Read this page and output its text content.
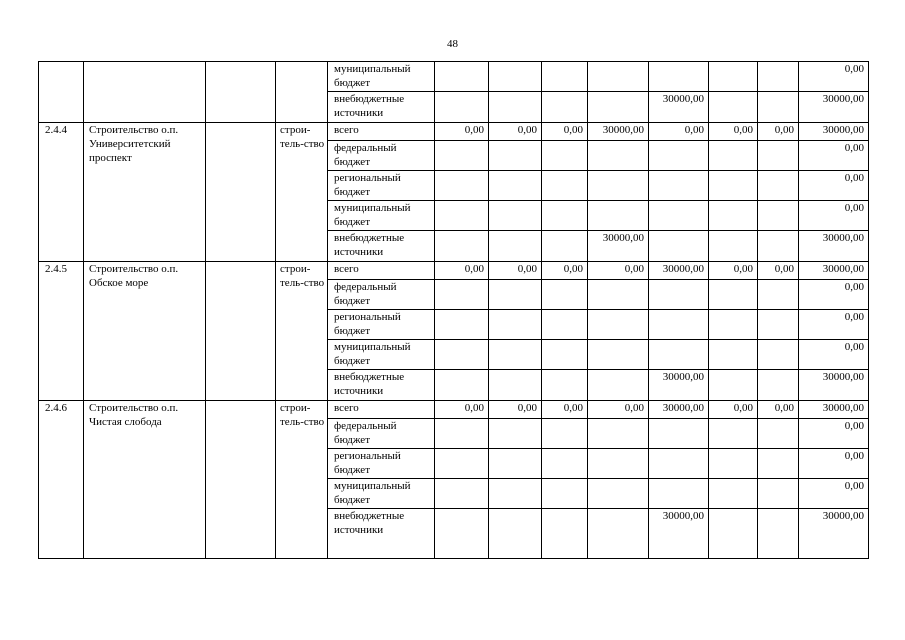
48
				муниципальный бюджет								0,00
				внебюджетные источники					30000,00			30000,00
2.4.4	Строительство о.п. Университетский проспект		строи-тель-ство	всего	0,00	0,00	0,00	30000,00	0,00	0,00	0,00	30000,00
				федеральный бюджет								0,00
				региональный бюджет								0,00
				муниципальный бюджет								0,00
				внебюджетные источники				30000,00				30000,00
2.4.5	Строительство о.п. Обское море		строи-тель-ство	всего	0,00	0,00	0,00	0,00	30000,00	0,00	0,00	30000,00
				федеральный бюджет								0,00
				региональный бюджет								0,00
				муниципальный бюджет								0,00
				внебюджетные источники					30000,00			30000,00
2.4.6	Строительство о.п. Чистая слобода		строи-тель-ство	всего	0,00	0,00	0,00	0,00	30000,00	0,00	0,00	30000,00
				федеральный бюджет								0,00
				региональный бюджет								0,00
				муниципальный бюджет								0,00
				внебюджетные источники					30000,00			30000,00
